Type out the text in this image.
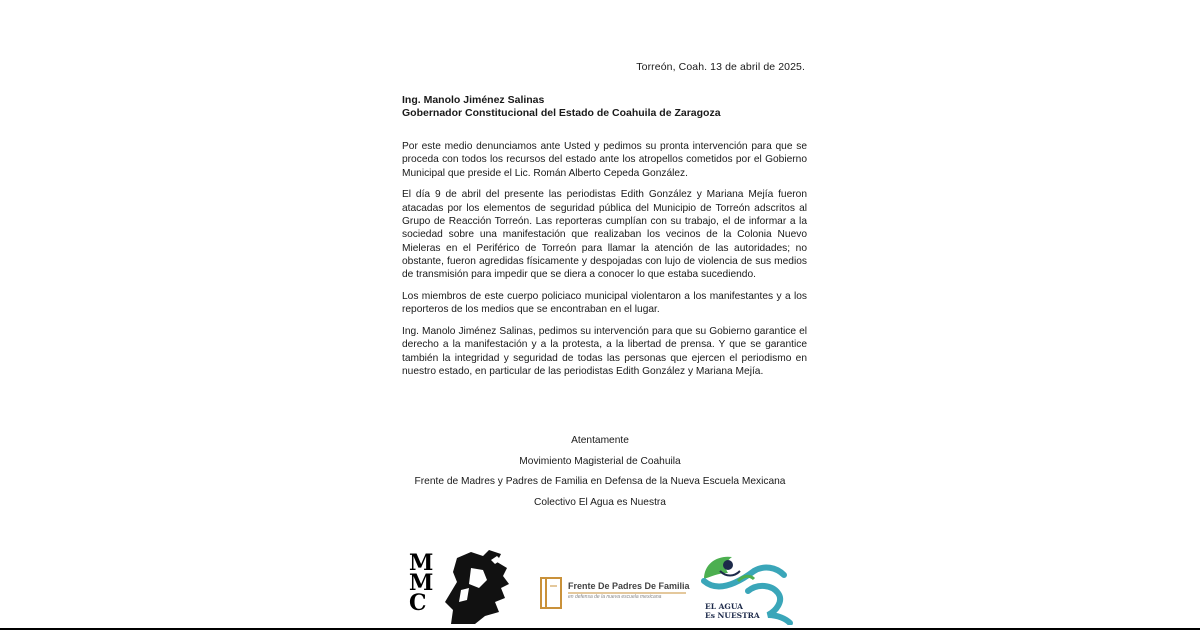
Torreón, Coah. 13 de abril de 2025.
Ing. Manolo Jiménez Salinas
Gobernador Constitucional del Estado de Coahuila de Zaragoza

Por este medio denunciamos ante Usted y pedimos su pronta intervención para que se proceda con todos los recursos del estado ante los atropellos cometidos por el Gobierno Municipal que preside el Lic. Román Alberto Cepeda González.

El día 9 de abril del presente las periodistas Edith González y Mariana Mejía fueron atacadas por los elementos de seguridad pública del Municipio de Torreón adscritos al Grupo de Reacción Torreón. Las reporteras cumplían con su trabajo, el de informar a la sociedad sobre una manifestación que realizaban los vecinos de la Colonia Nuevo Mieleras en el Periférico de Torreón para llamar la atención de las autoridades; no obstante, fueron agredidas físicamente y despojadas con lujo de violencia de sus medios de transmisión para impedir que se diera a conocer lo que estaba sucediendo.

Los miembros de este cuerpo policiaco municipal violentaron a los manifestantes y a los reporteros de los medios que se encontraban en el lugar.

Ing. Manolo Jiménez Salinas, pedimos su intervención para que su Gobierno garantice el derecho a la manifestación y a la protesta, a la libertad de prensa. Y que se garantice también la integridad y seguridad de todas las personas que ejercen el periodismo en nuestro estado, en particular de las periodistas Edith González y Mariana Mejía.

Atentamente
Movimiento Magisterial de Coahuila
Frente de Madres y Padres de Familia en Defensa de la Nueva Escuela Mexicana
Colectivo El Agua es Nuestra
M
M
C
Frente De Padres De Familia
en defensa de la nueva escuela mexicana
EL AGUA
Es NUESTRA
